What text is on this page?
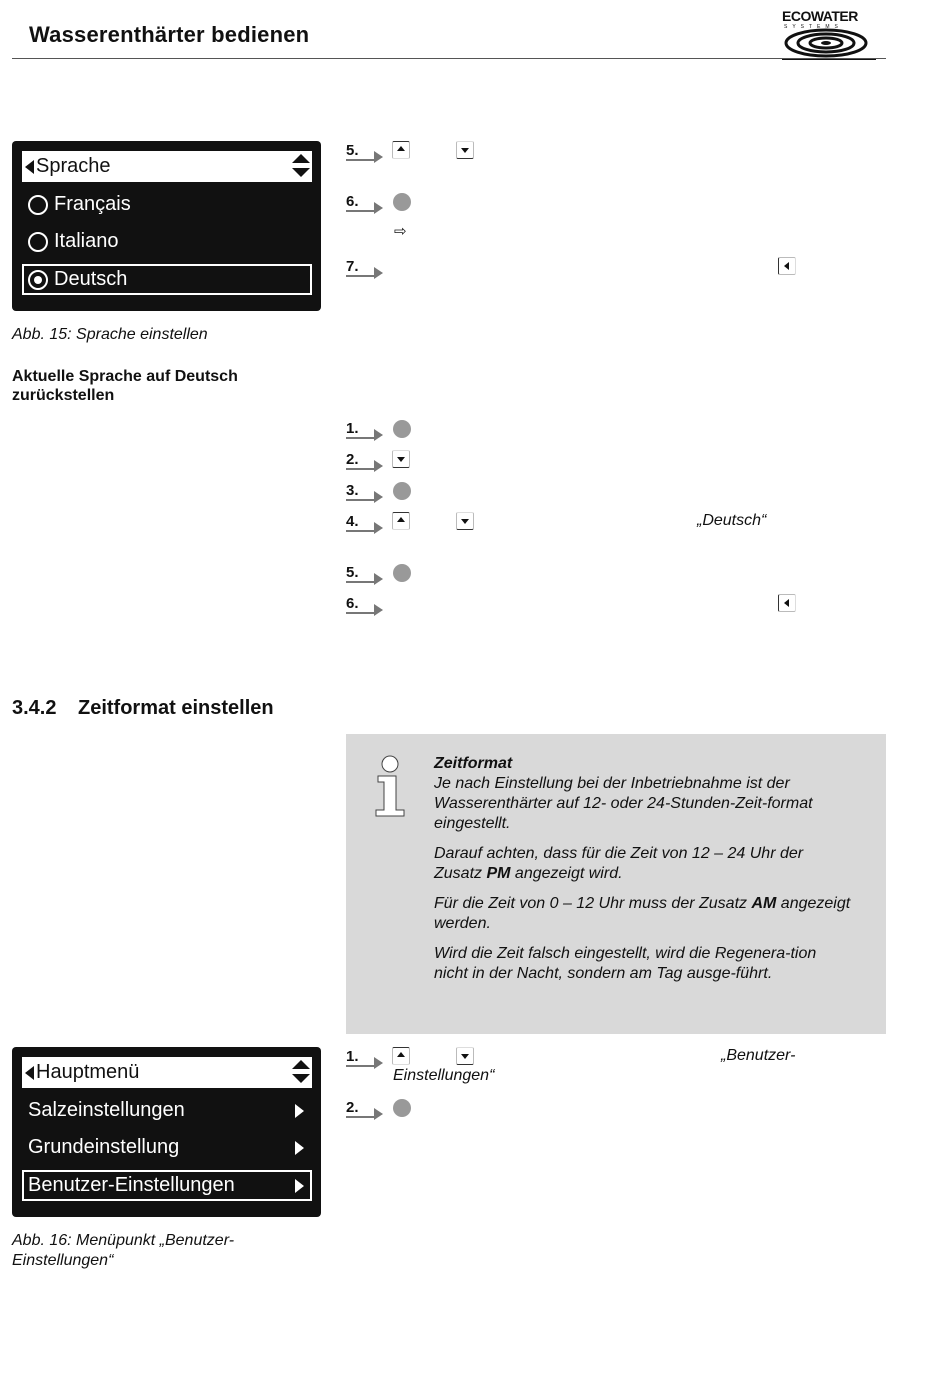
Wasserenthärter bedienen
ECOWATER
SYSTEMS
Sprache
Français
Italiano
Deutsch
Abb. 15: Sprache einstellen
5.
6.
⇨
7.
Aktuelle Sprache auf Deutsch zurückstellen
1.
2.
3.
4.	„Deutsch“
5.
6.
3.4.2 Zeitformat einstellen

Zeitformat

Je nach Einstellung bei der Inbetriebnahme ist der Wasserenthärter auf 12- oder 24-Stunden-Zeit-format eingestellt.

Darauf achten, dass für die Zeit von 12 – 24 Uhr der Zusatz PM angezeigt wird.

Für die Zeit von 0 – 12 Uhr muss der Zusatz AM angezeigt werden.

Wird die Zeit falsch eingestellt, wird die Regenera-tion nicht in der Nacht, sondern am Tag ausge-führt.

Hauptmenü
Salzeinstellungen
Grundeinstellung
Benutzer-Einstellungen
Abb. 16: Menüpunkt „Benutzer-Einstellungen“
1.	„Benutzer-
Einstellungen“
2.
